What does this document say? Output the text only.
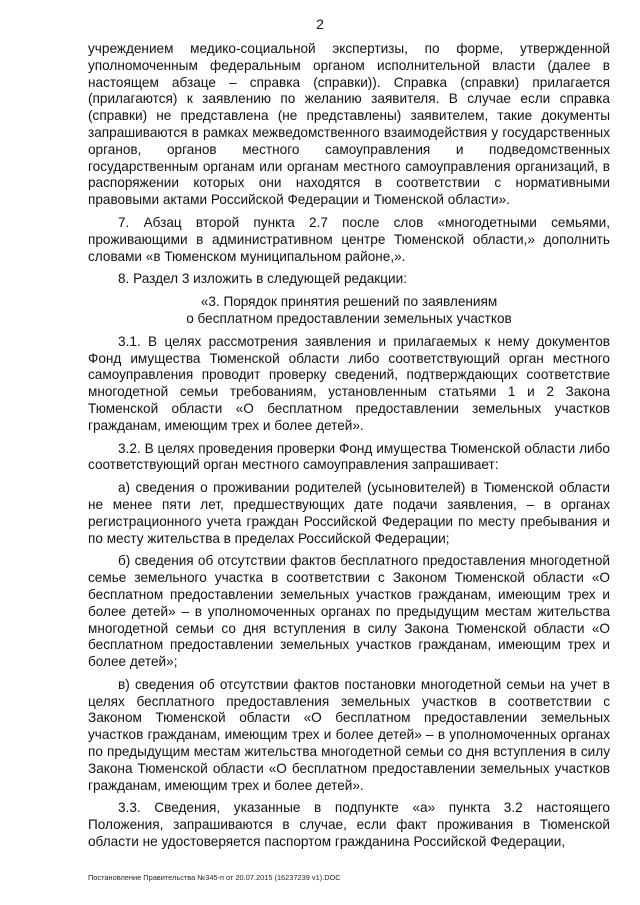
2

учреждением медико-социальной экспертизы, по форме, утвержденной уполномоченным федеральным органом исполнительной власти (далее в настоящем абзаце – справка (справки)). Справка (справки) прилагается (прилагаются) к заявлению по желанию заявителя. В случае если справка (справки) не представлена (не представлены) заявителем, такие документы запрашиваются в рамках межведомственного взаимодействия у государственных органов, органов местного самоуправления и подведомственных государственным органам или органам местного самоуправления организаций, в распоряжении которых они находятся в соответствии с нормативными правовыми актами Российской Федерации и Тюменской области».

7. Абзац второй пункта 2.7 после слов «многодетными семьями, проживающими в административном центре Тюменской области,» дополнить словами «в Тюменском муниципальном районе,».

8. Раздел 3 изложить в следующей редакции:

«3. Порядок принятия решений по заявлениям
о бесплатном предоставлении земельных участков

3.1. В целях рассмотрения заявления и прилагаемых к нему документов Фонд имущества Тюменской области либо соответствующий орган местного самоуправления проводит проверку сведений, подтверждающих соответствие многодетной семьи требованиям, установленным статьями 1 и 2 Закона Тюменской области «О бесплатном предоставлении земельных участков гражданам, имеющим трех и более детей».

3.2. В целях проведения проверки Фонд имущества Тюменской области либо соответствующий орган местного самоуправления запрашивает:

а) сведения о проживании родителей (усыновителей) в Тюменской области не менее пяти лет, предшествующих дате подачи заявления, – в органах регистрационного учета граждан Российской Федерации по месту пребывания и по месту жительства в пределах Российской Федерации;

б) сведения об отсутствии фактов бесплатного предоставления многодетной семье земельного участка в соответствии с Законом Тюменской области «О бесплатном предоставлении земельных участков гражданам, имеющим трех и более детей» – в уполномоченных органах по предыдущим местам жительства многодетной семьи со дня вступления в силу Закона Тюменской области «О бесплатном предоставлении земельных участков гражданам, имеющим трех и более детей»;

в) сведения об отсутствии фактов постановки многодетной семьи на учет в целях бесплатного предоставления земельных участков в соответствии с Законом Тюменской области «О бесплатном предоставлении земельных участков гражданам, имеющим трех и более детей» – в уполномоченных органах по предыдущим местам жительства многодетной семьи со дня вступления в силу Закона Тюменской области «О бесплатном предоставлении земельных участков гражданам, имеющим трех и более детей».

3.3. Сведения, указанные в подпункте «а» пункта 3.2 настоящего Положения, запрашиваются в случае, если факт проживания в Тюменской области не удостоверяется паспортом гражданина Российской Федерации,

Постановление Правительства №345-п от 20.07.2015 (16237239 v1).DOC
